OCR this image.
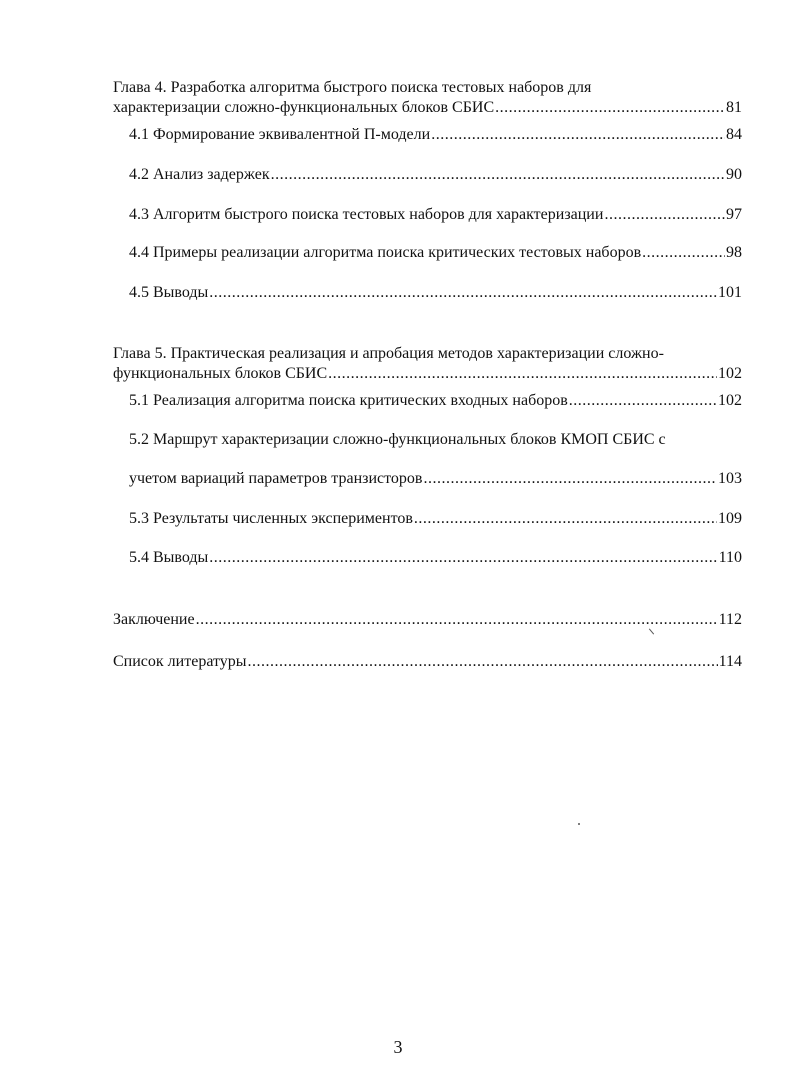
Глава 4. Разработка алгоритма быстрого поиска тестовых наборов для
характеризации сложно-функциональных блоков СБИС .....	81
4.1 Формирование эквивалентной П-модели .....	84
4.2 Анализ задержек .....	90
4.3 Алгоритм быстрого поиска тестовых наборов для характеризации .....	97
4.4 Примеры реализации алгоритма поиска критических тестовых наборов .....	98
4.5 Выводы .....	101
Глава 5. Практическая реализация и апробация методов характеризации сложно-
функциональных блоков СБИС .....	102
5.1 Реализация алгоритма поиска критических входных наборов .....	102
5.2 Маршрут характеризации сложно-функциональных блоков КМОП СБИС с
учетом вариаций параметров транзисторов .....	103
5.3 Результаты численных экспериментов .....	109
5.4 Выводы .....	110
Заключение .....	112
Список литературы .....	114
3
